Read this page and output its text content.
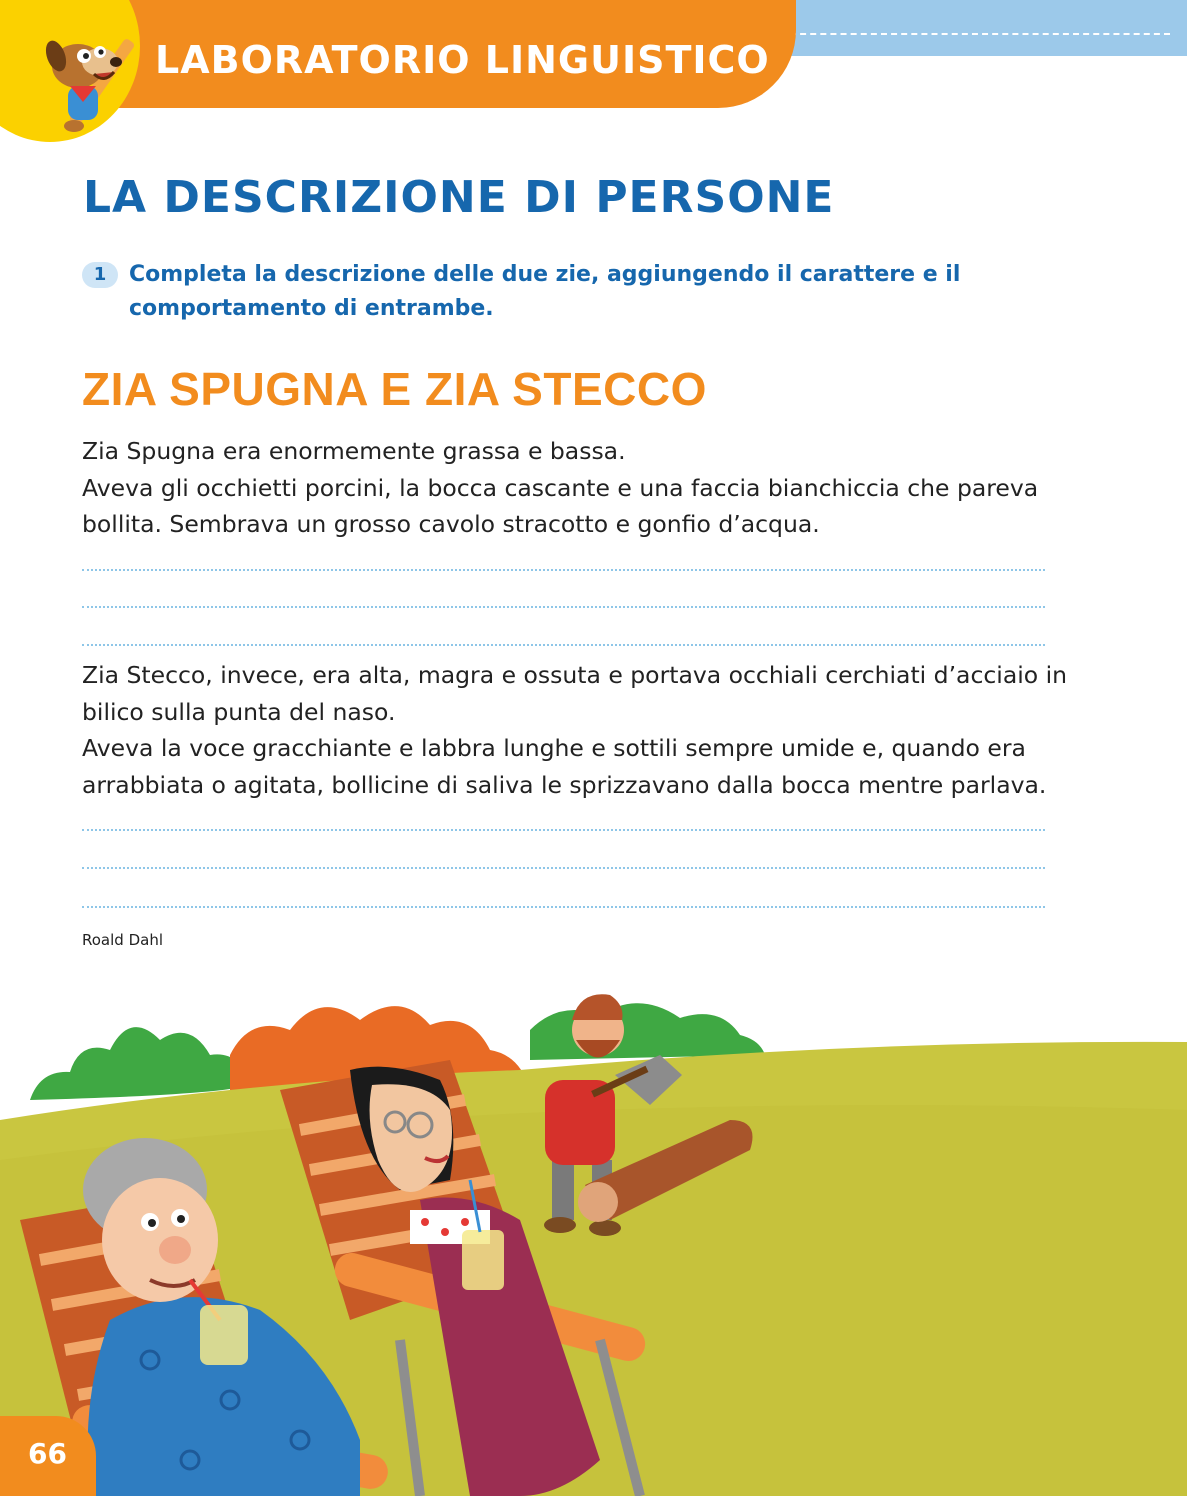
LABORATORIO LINGUISTICO
LA DESCRIZIONE DI PERSONE
1	Completa la descrizione delle due zie, aggiungendo il carattere e il comportamento di entrambe.
ZIA SPUGNA E ZIA STECCO

Zia Spugna era enormemente grassa e bassa.
Aveva gli occhietti porcini, la bocca cascante e una faccia bianchiccia che pareva bollita. Sembrava un grosso cavolo stracotto e gonfio d’acqua.

Zia Stecco, invece, era alta, magra e ossuta e portava occhiali cerchiati d’acciaio in bilico sulla punta del naso.
Aveva la voce gracchiante e labbra lunghe e sottili sempre umide e, quando era arrabbiata o agitata, bollicine di saliva le sprizzavano dalla bocca mentre parlava.

Roald Dahl
66
